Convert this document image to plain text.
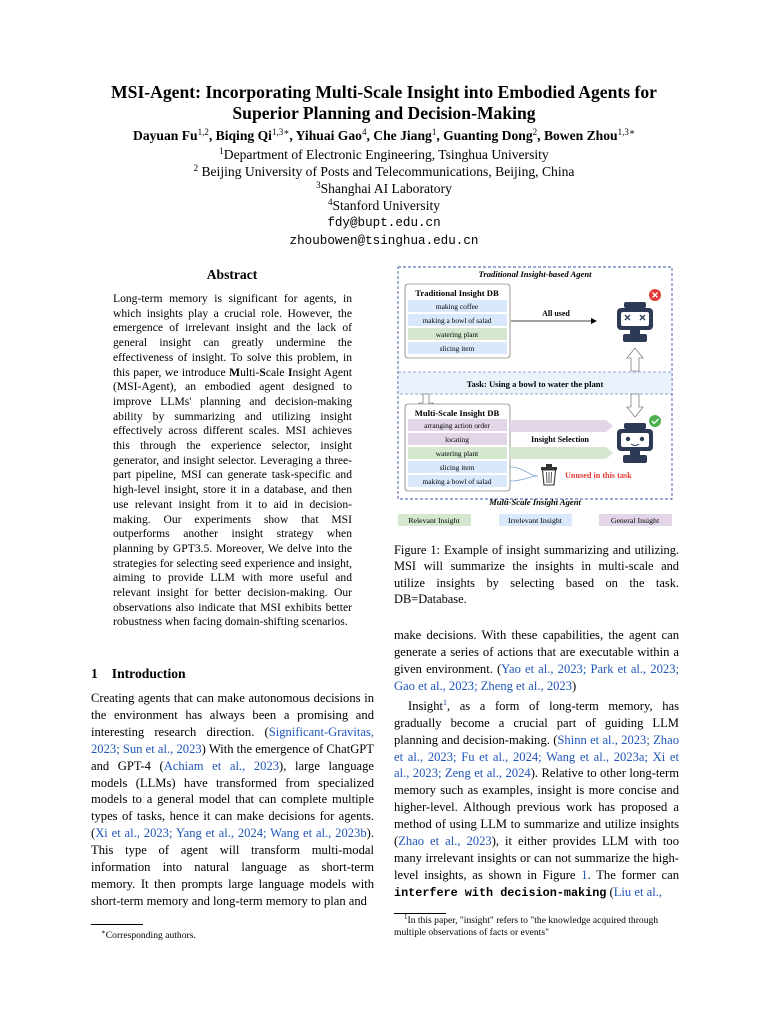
MSI-Agent: Incorporating Multi-Scale Insight into Embodied Agents for
Superior Planning and Decision-Making
Dayuan Fu$^{1,2}$, Biqing $Qi^{1,3∗}$, Yihuai Gao$^4$, Che Jiang$^1$, Guanting Dong$^2$, Bowen Zhou$^{1,3∗}$
$^1$Department of Electronic Engineering, Tsinghua University
$^2$ Beijing University of Posts and Telecommunications, Beijing, China
$^3$Shanghai AI Laboratory
$^4$Stanford University
fdy@bupt.edu.cn
zhoubowen@tsinghua.edu.cn
Abstract
Long-term memory is significant for agents, in which insights play a crucial role. However, the emergence of irrelevant insight and the lack of general insight can greatly undermine the effectiveness of insight. To solve this problem, in this paper, we introduce Multi-Scale Insight Agent (MSI-Agent), an embodied agent designed to improve LLMs' planning and decision-making ability by summarizing and utilizing insight effectively across different scales. MSI achieves this through the experience selector, insight generator, and insight selector. Leveraging a three-part pipeline, MSI can generate task-specific and high-level insight, store it in a database, and then use relevant insight from it to aid in decision-making. Our experiments show that MSI outperforms another insight strategy when planning by GPT3.5. Moreover, We delve into the strategies for selecting seed experience and insight, aiming to provide LLM with more useful and relevant insight for better decision-making. Our observations also indicate that MSI exhibits better robustness when facing domain-shifting scenarios.
1 Introduction
Creating agents that can make autonomous decisions in the environment has always been a promising and interesting research direction. (Significant-Gravitas, 2023; Sun et al., 2023) With the emergence of ChatGPT and GPT-4 (Achiam et al., 2023), large language models (LLMs) have transformed from specialized models to a general model that can complete multiple types of tasks, hence it can make decisions for agents. (Xi et al., 2023; Yang et al., 2024; Wang et al., 2023b). This type of agent will transform multi-modal information into natural language as short-term memory. It then prompts large language models with short-term memory and long-term memory to plan and
∗Corresponding authors.
Traditional Insight-based Agent
Traditional Insight DB
making coffee
making a bowl of salad
watering plant
slicing item
All used
Task: Using a bowl to water the plant
Multi-Scale Insight DB
arranging action order
locating
watering plant
slicing item
making a bowl of salad
Insight Selection
Unused in this task
Multi-Scale Insight Agent
Relevant Insight	Irrelevant Insight	General Insight
Figure 1: Example of insight summarizing and utilizing. MSI will summarize the insights in multi-scale and utilize insights by selecting based on the task. DB=Database.

make decisions. With these capabilities, the agent can generate a series of actions that are executable within a given environment. (Yao et al., 2023; Park et al., 2023; Gao et al., 2023; Zheng et al., 2023)

Insight$^1$, as a form of long-term memory, has gradually become a crucial part of guiding LLM planning and decision-making. (Shinn et al., 2023; Zhao et al., 2023; Fu et al., 2024; Wang et al., 2023a; Xi et al., 2023; Zeng et al., 2024). Relative to other long-term memory such as examples, insight is more concise and higher-level. Although previous work has proposed a method of using LLM to summarize and utilize insights (Zhao et al., 2023), it either provides LLM with too many irrelevant insights or can not summarize the high-level insights, as shown in Figure 1. The former can interfere with decision-making (Liu et al.,

$^1$In this paper, "insight" refers to "the knowledge acquired through multiple observations of facts or events"
